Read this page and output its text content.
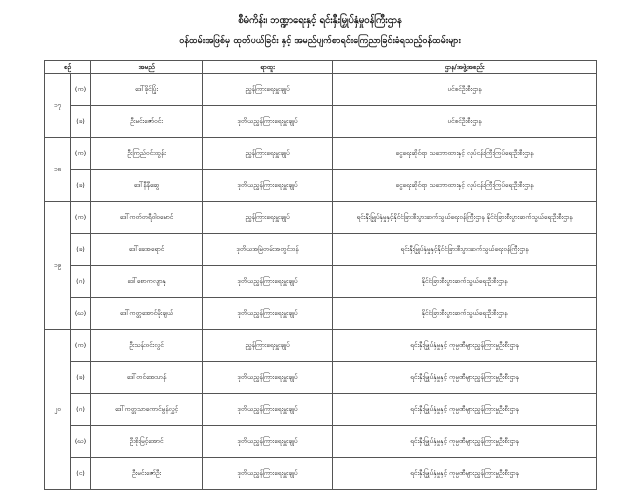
စီမံကိန်း၊ ဘဏ္ဍာရေးနှင့် ရင်းနှီးမြှုပ်နှံမှုဝန်ကြီးဌာန
ဝန်ထမ်းအဖြစ်မှ ထုတ်ပယ်ခြင်း နှင့် အမည်ပျက်စာရင်းကြေညာခြင်းခံရသည့်ဝန်ထမ်းများ
စဉ်		အမည်	ရာထူး	ဌာန/အဖွဲ့အစည်း
၁၇	(က)	ဒေါ်ခိုင်ပြုံး	ညွှန်ကြားရေးမှူးချုပ်	ပင်စင်ဦးစီးဌာန
	(ခ)	ဦးမင်းဇော်ဝင်း	ဒုတိယညွှန်ကြားရေးမှူးချုပ်	ပင်စင်ဦးစီးဌာန
၁၈	(က)	ဦးကြည်ဝင်းထွန်း	ညွှန်ကြားရေးမှူးချုပ်	ငွေရေးဆိုင်ရာ သဘောထားနှင့် လုပ်ငန်းကြီးကြပ်ရေးဦးစီးဌာန
	(ခ)	ဒေါ်နီနီဆွေ	ဒုတိယညွှန်ကြားရေးမှူးချုပ်	ငွေရေးဆိုင်ရာ သဘောထားနှင့် လုပ်ငန်းကြီးကြပ်ရေးဦးစီးဌာန
၁၉	(က)	ဒေါ်ကတ်တရီဝါ၀မောင်	ညွှန်ကြားရေးမှူးချုပ်	ရင်းနှီးမြှုပ်နှံမှုနှင့်နိုင်ငံခြားစီးပွားဆက်သွယ်ရေးဝန်ကြီးဌာန နိုင်ငံခြားစီးပွားဆက်သွယ်ရေးဦးစီးဌာန
	(ခ)	ဒေါ်ခေအရောင်	ဒုတိယအမြဲတမ်းအတွင်းဝန်	ရင်းနှီးမြှုပ်နှံမှုနှင့်နိုင်ငံခြားစီးပွားဆက်သွယ်ရေးဝန်ကြီးဌာန
	(ဂ)	ဒေါ်စောကလျာနု	ဒုတိယညွှန်ကြားရေးမှူးချုပ်	နိုင်ငံခြားစီးပွားဆက်သွယ်ရေးဦးစီးဌာန
	(ဃ)	ဒေါ်ကတ္တအောင်မိုးချယ်	ဒုတိယညွှန်ကြားရေးမှူးချုပ်	နိုင်ငံခြားစီးပွားဆက်သွယ်ရေးဦးစီးဌာန
၂၀	(က)	ဦးသန်းဝင်းလွင်	ညွှန်ကြားရေးမှူးချုပ်	ရင်းနှီးမြှုပ်နှံမှုနှင့် ကုမ္ပဏီများညွှန်ကြားမှုဦးစီးဌာန
	(ခ)	ဒေါ်တင်အေးဟန်	ဒုတိယညွှန်ကြားရေးမှူးချုပ်	ရင်းနှီးမြှုပ်နှံမှုနှင့် ကုမ္ပဏီများညွှန်ကြားမှုဦးစီးဌာန
	(ဂ)	ဒေါ်ကတ္တသာကောင်မွန်လွှင့်	ဒုတိယညွှန်ကြားရေးမှူးချုပ်	ရင်းနှီးမြှုပ်နှံမှုနှင့် ကုမ္ပဏီများညွှန်ကြားမှုဦးစီးဌာန
	(ဃ)	ဦးစိုးမြင့်အောင်	ဒုတိယညွှန်ကြားရေးမှူးချုပ်	ရင်းနှီးမြှုပ်နှံမှုနှင့် ကုမ္ပဏီများညွှန်ကြားမှုဦးစီးဌာန
	(င)	ဦးမင်းဇော်ဦး	ဒုတိယညွှန်ကြားရေးမှူးချုပ်	ရင်းနှီးမြှုပ်နှံမှုနှင့် ကုမ္ပဏီများညွှန်ကြားမှုဦးစီးဌာန
